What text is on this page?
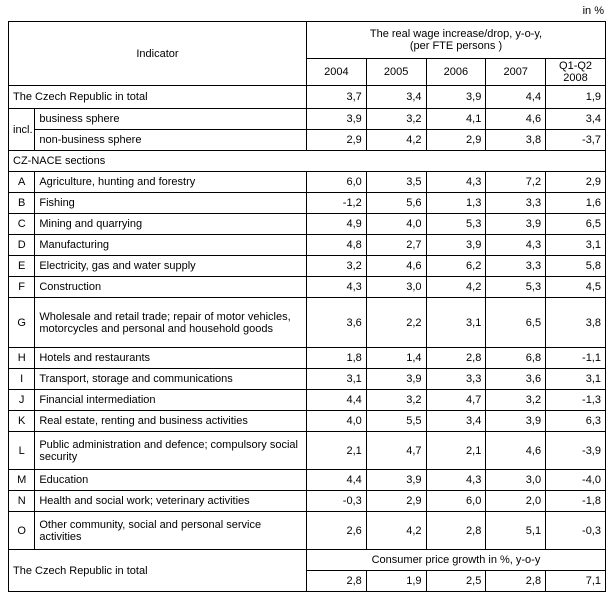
in %
Indicator		The real wage increase/drop, y-o-y,
(per FTE persons )				

		2004	2005	2006	2007	Q1-Q2
2008

The Czech Republic in total		3,7	3,4	3,9	4,4	1,9
incl.	business sphere	3,9	3,2	4,1	4,6	3,4
	non-business sphere	2,9	4,2	2,9	3,8	-3,7
CZ-NACE sections						
A	Agriculture, hunting and forestry	6,0	3,5	4,3	7,2	2,9
B	Fishing	-1,2	5,6	1,3	3,3	1,6
C	Mining and quarrying	4,9	4,0	5,3	3,9	6,5
D	Manufacturing	4,8	2,7	3,9	4,3	3,1
E	Electricity, gas and water supply	3,2	4,6	6,2	3,3	5,8
F	Construction	4,3	3,0	4,2	5,3	4,5
G	Wholesale and retail trade; repair of motor vehicles, motorcycles and personal and household goods	3,6	2,2	3,1	6,5	3,8
H	Hotels and restaurants	1,8	1,4	2,8	6,8	-1,1
I	Transport, storage and communications	3,1	3,9	3,3	3,6	3,1
J	Financial intermediation	4,4	3,2	4,7	3,2	-1,3
K	Real estate, renting and business activities	4,0	5,5	3,4	3,9	6,3
L	Public administration and defence; compulsory social security	2,1	4,7	2,1	4,6	-3,9
M	Education	4,4	3,9	4,3	3,0	-4,0
N	Health and social work; veterinary activities	-0,3	2,9	6,0	2,0	-1,8
O	Other community, social and personal service activities	2,6	4,2	2,8	5,1	-0,3
The Czech Republic in total		Consumer price growth in %, y-o-y				
		2,8	1,9	2,5	2,8	7,1
